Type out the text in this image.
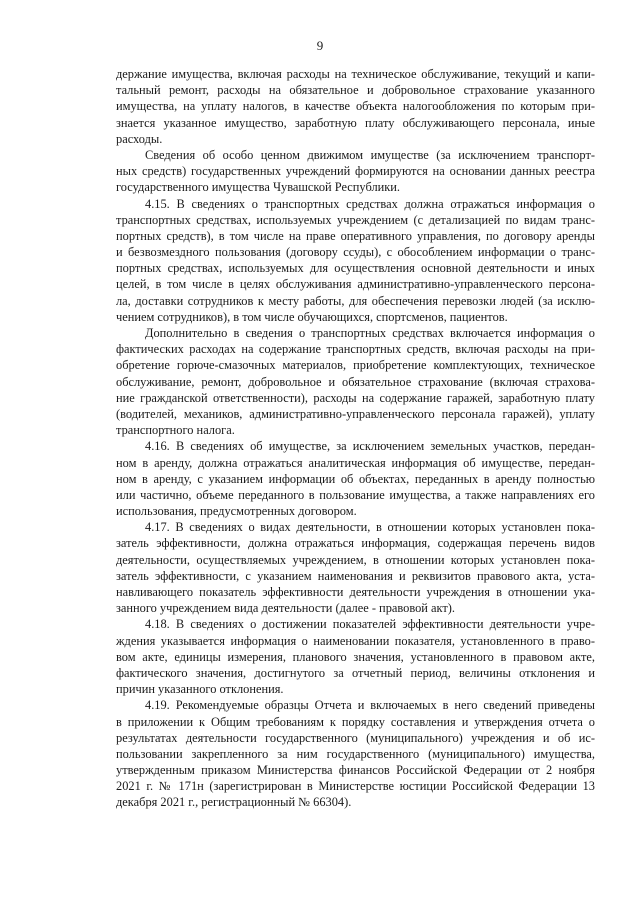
9
держание имущества, включая расходы на техническое обслуживание, текущий и капи-
тальный ремонт, расходы на обязательное и добровольное страхование указанного
имущества, на уплату налогов, в качестве объекта налогообложения по которым при-
знается указанное имущество, заработную плату обслуживающего персонала, иные
расходы.
Сведения об особо ценном движимом имуществе (за исключением транспорт-
ных средств) государственных учреждений формируются на основании данных реестра
государственного имущества Чувашской Республики.
4.15. В сведениях о транспортных средствах должна отражаться информация о
транспортных средствах, используемых учреждением (с детализацией по видам транс-
портных средств), в том числе на праве оперативного управления, по договору аренды
и безвозмездного пользования (договору ссуды), с обособлением информации о транс-
портных средствах, используемых для осуществления основной деятельности и иных
целей, в том числе в целях обслуживания административно-управленческого персона-
ла, доставки сотрудников к месту работы, для обеспечения перевозки людей (за исклю-
чением сотрудников), в том числе обучающихся, спортсменов, пациентов.
Дополнительно в сведения о транспортных средствах включается информация о
фактических расходах на содержание транспортных средств, включая расходы на при-
обретение горюче-смазочных материалов, приобретение комплектующих, техническое
обслуживание, ремонт, добровольное и обязательное страхование (включая страхова-
ние гражданской ответственности), расходы на содержание гаражей, заработную плату
(водителей, механиков, административно-управленческого персонала гаражей), уплату
транспортного налога.
4.16. В сведениях об имуществе, за исключением земельных участков, передан-
ном в аренду, должна отражаться аналитическая информация об имуществе, передан-
ном в аренду, с указанием информации об объектах, переданных в аренду полностью
или частично, объеме переданного в пользование имущества, а также направлениях его
использования, предусмотренных договором.
4.17. В сведениях о видах деятельности, в отношении которых установлен пока-
затель эффективности, должна отражаться информация, содержащая перечень видов
деятельности, осуществляемых учреждением, в отношении которых установлен пока-
затель эффективности, с указанием наименования и реквизитов правового акта, уста-
навливающего показатель эффективности деятельности учреждения в отношении ука-
занного учреждением вида деятельности (далее - правовой акт).
4.18. В сведениях о достижении показателей эффективности деятельности учре-
ждения указывается информация о наименовании показателя, установленного в право-
вом акте, единицы измерения, планового значения, установленного в правовом акте,
фактического значения, достигнутого за отчетный период, величины отклонения и
причин указанного отклонения.
4.19. Рекомендуемые образцы Отчета и включаемых в него сведений приведены
в приложении к Общим требованиям к порядку составления и утверждения отчета о
результатах деятельности государственного (муниципального) учреждения и об ис-
пользовании закрепленного за ним государственного (муниципального) имущества,
утвержденным приказом Министерства финансов Российской Федерации от 2 ноября
2021 г. № 171н (зарегистрирован в Министерстве юстиции Российской Федерации 13
декабря 2021 г., регистрационный № 66304).
